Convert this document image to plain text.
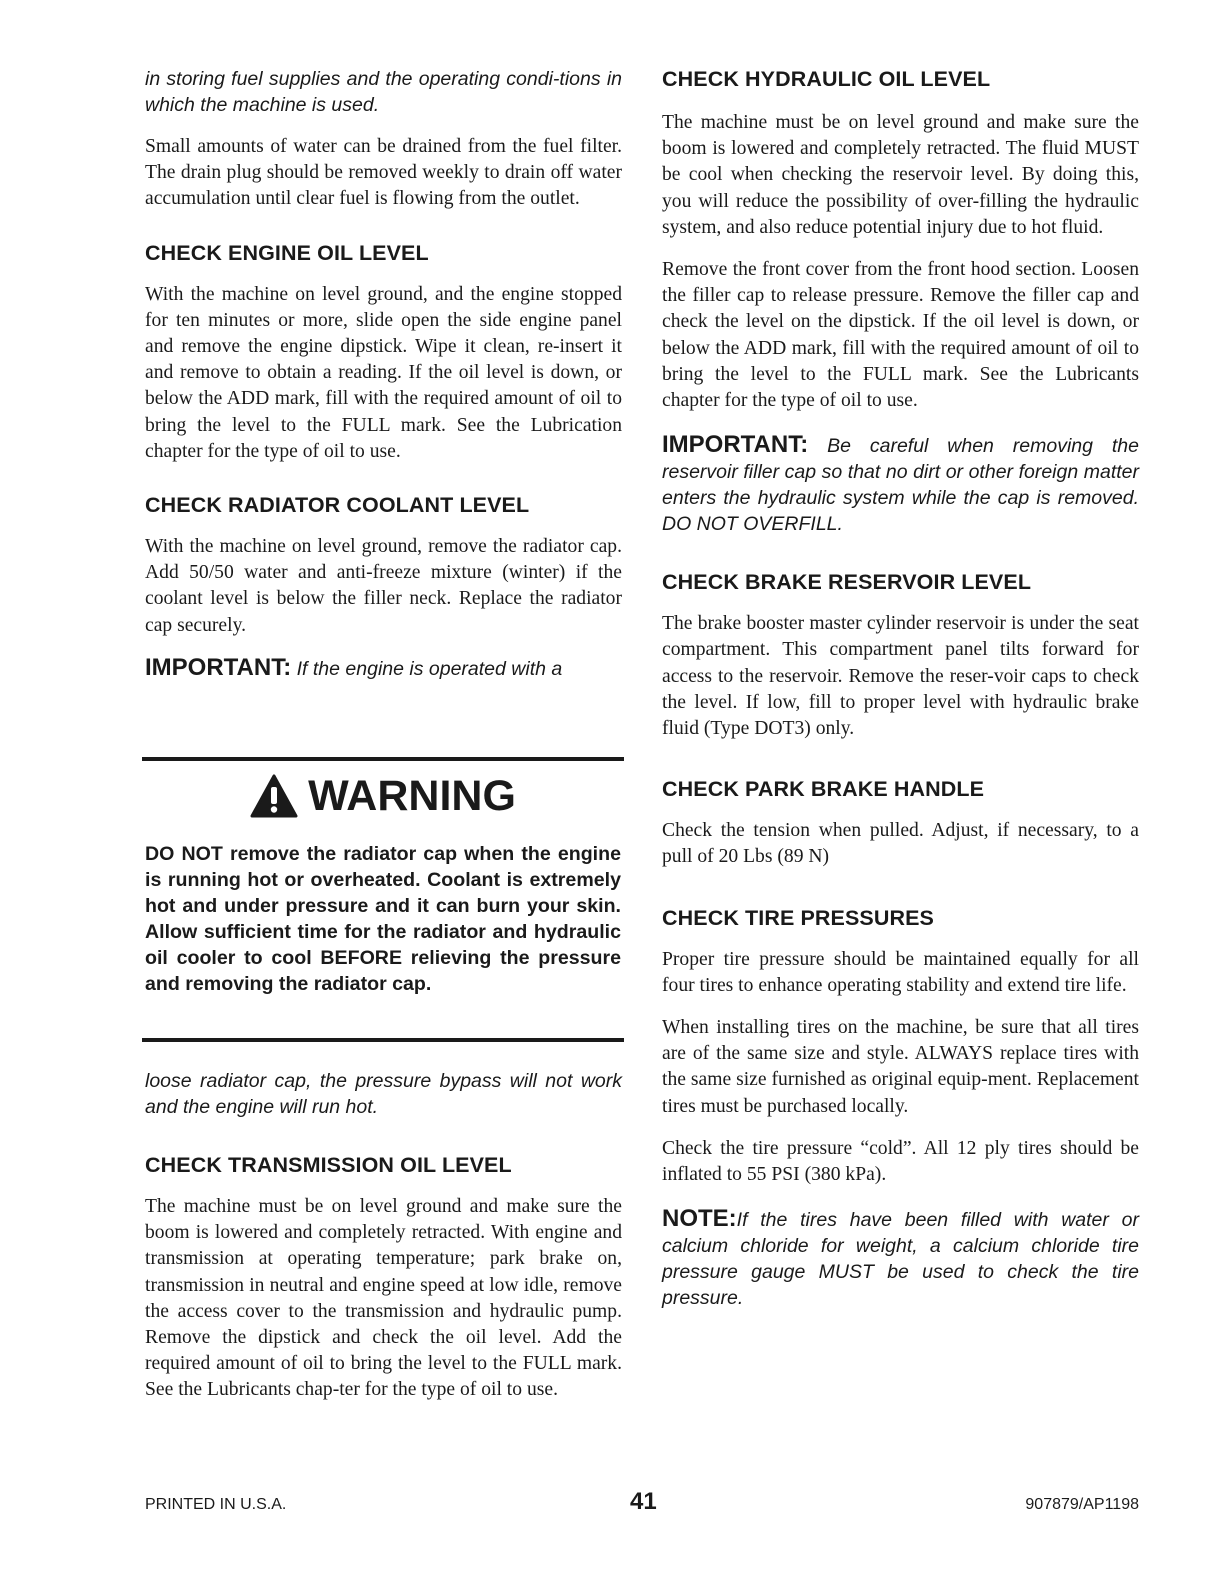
in storing fuel supplies and the operating condi-tions in which the machine is used.

Small amounts of water can be drained from the fuel filter. The drain plug should be removed weekly to drain off water accumulation until clear fuel is flowing from the outlet.

CHECK ENGINE OIL LEVEL

With the machine on level ground, and the engine stopped for ten minutes or more, slide open the side engine panel and remove the engine dipstick. Wipe it clean, re-insert it and remove to obtain a reading. If the oil level is down, or below the ADD mark, fill with the required amount of oil to bring the level to the FULL mark. See the Lubrication chapter for the type of oil to use.

CHECK RADIATOR COOLANT LEVEL

With the machine on level ground, remove the radiator cap. Add 50/50 water and anti-freeze mixture (winter) if the coolant level is below the filler neck. Replace the radiator cap securely.

IMPORTANT: If the engine is operated with a

WARNING

DO NOT remove the radiator cap when the engine is running hot or overheated. Coolant is extremely hot and under pressure and it can burn your skin. Allow sufficient time for the radiator and hydraulic oil cooler to cool BEFORE relieving the pressure and removing the radiator cap.

loose radiator cap, the pressure bypass will not work and the engine will run hot.

CHECK TRANSMISSION OIL LEVEL

The machine must be on level ground and make sure the boom is lowered and completely retracted. With engine and transmission at operating temperature; park brake on, transmission in neutral and engine speed at low idle, remove the access cover to the transmission and hydraulic pump. Remove the dipstick and check the oil level. Add the required amount of oil to bring the level to the FULL mark. See the Lubricants chap-ter for the type of oil to use.

CHECK HYDRAULIC OIL LEVEL

The machine must be on level ground and make sure the boom is lowered and completely retracted. The fluid MUST be cool when checking the reservoir level. By doing this, you will reduce the possibility of over-filling the hydraulic system, and also reduce potential injury due to hot fluid.

Remove the front cover from the front hood section. Loosen the filler cap to release pressure. Remove the filler cap and check the level on the dipstick. If the oil level is down, or below the ADD mark, fill with the required amount of oil to bring the level to the FULL mark. See the Lubricants chapter for the type of oil to use.

IMPORTANT: Be careful when removing the reservoir filler cap so that no dirt or other foreign matter enters the hydraulic system while the cap is removed. DO NOT OVERFILL.

CHECK BRAKE RESERVOIR LEVEL

The brake booster master cylinder reservoir is under the seat compartment. This compartment panel tilts forward for access to the reservoir. Remove the reser-voir caps to check the level. If low, fill to proper level with hydraulic brake fluid (Type DOT3) only.

CHECK PARK BRAKE HANDLE

Check the tension when pulled. Adjust, if necessary, to a pull of 20 Lbs (89 N)

CHECK TIRE PRESSURES

Proper tire pressure should be maintained equally for all four tires to enhance operating stability and extend tire life.

When installing tires on the machine, be sure that all tires are of the same size and style. ALWAYS replace tires with the same size furnished as original equip-ment. Replacement tires must be purchased locally.

Check the tire pressure “cold”. All 12 ply tires should be inflated to 55 PSI (380 kPa).

NOTE:If the tires have been filled with water or calcium chloride for weight, a calcium chloride tire pressure gauge MUST be used to check the tire pressure.

PRINTED IN U.S.A.	41	907879/AP1198
